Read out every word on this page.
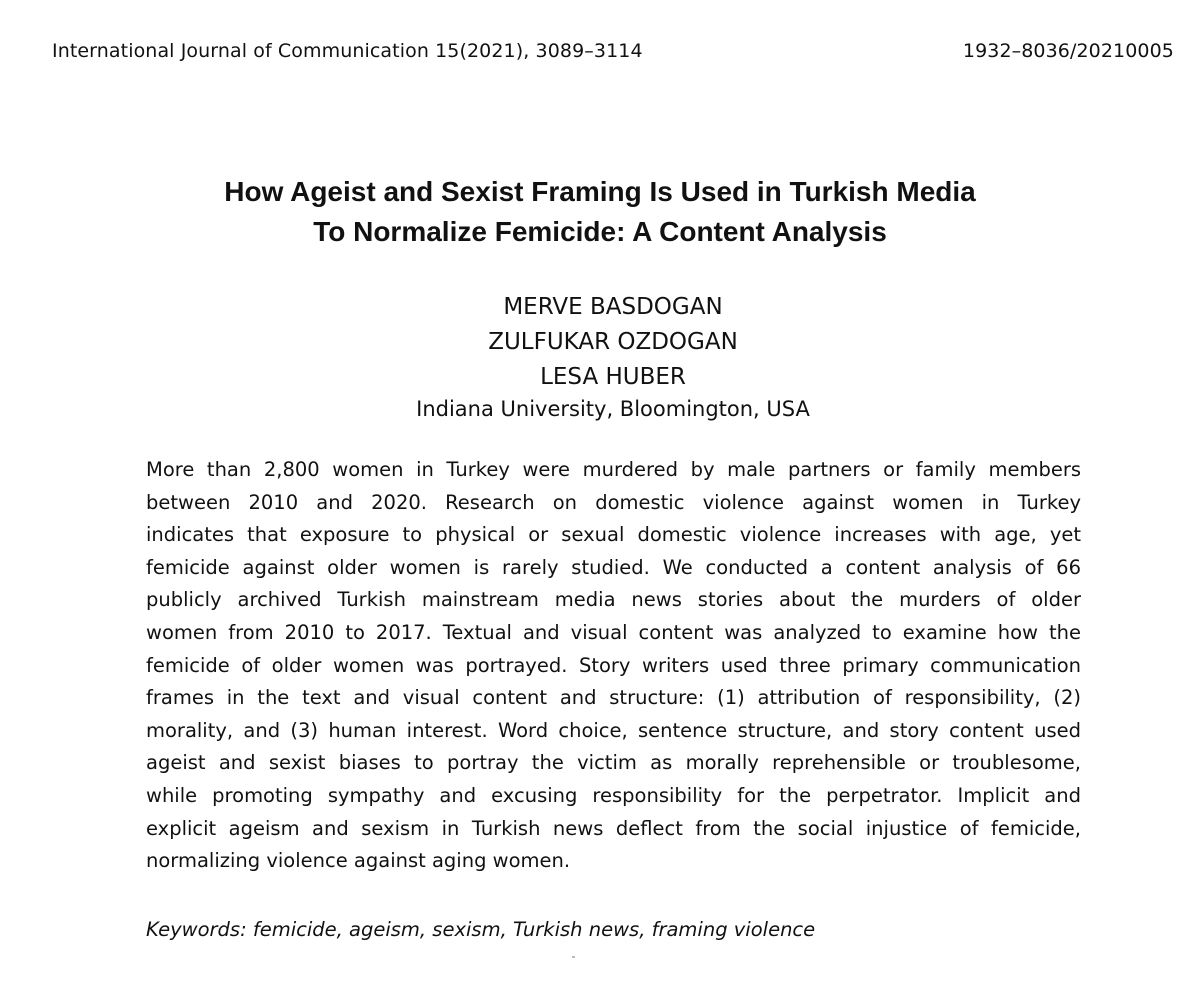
International Journal of Communication 15(2021), 3089–3114	1932–8036/20210005
How Ageist and Sexist Framing Is Used in Turkish Media
To Normalize Femicide: A Content Analysis
MERVE BASDOGAN
ZULFUKAR OZDOGAN
LESA HUBER
Indiana University, Bloomington, USA

More than 2,800 women in Turkey were murdered by male partners or family members
between 2010 and 2020. Research on domestic violence against women in Turkey
indicates that exposure to physical or sexual domestic violence increases with age, yet
femicide against older women is rarely studied. We conducted a content analysis of 66
publicly archived Turkish mainstream media news stories about the murders of older
women from 2010 to 2017. Textual and visual content was analyzed to examine how the
femicide of older women was portrayed. Story writers used three primary communication
frames in the text and visual content and structure: (1) attribution of responsibility, (2)
morality, and (3) human interest. Word choice, sentence structure, and story content used
ageist and sexist biases to portray the victim as morally reprehensible or troublesome,
while promoting sympathy and excusing responsibility for the perpetrator. Implicit and
explicit ageism and sexism in Turkish news deflect from the social injustice of femicide,
normalizing violence against aging women.

Keywords: femicide, ageism, sexism, Turkish news, framing violence
